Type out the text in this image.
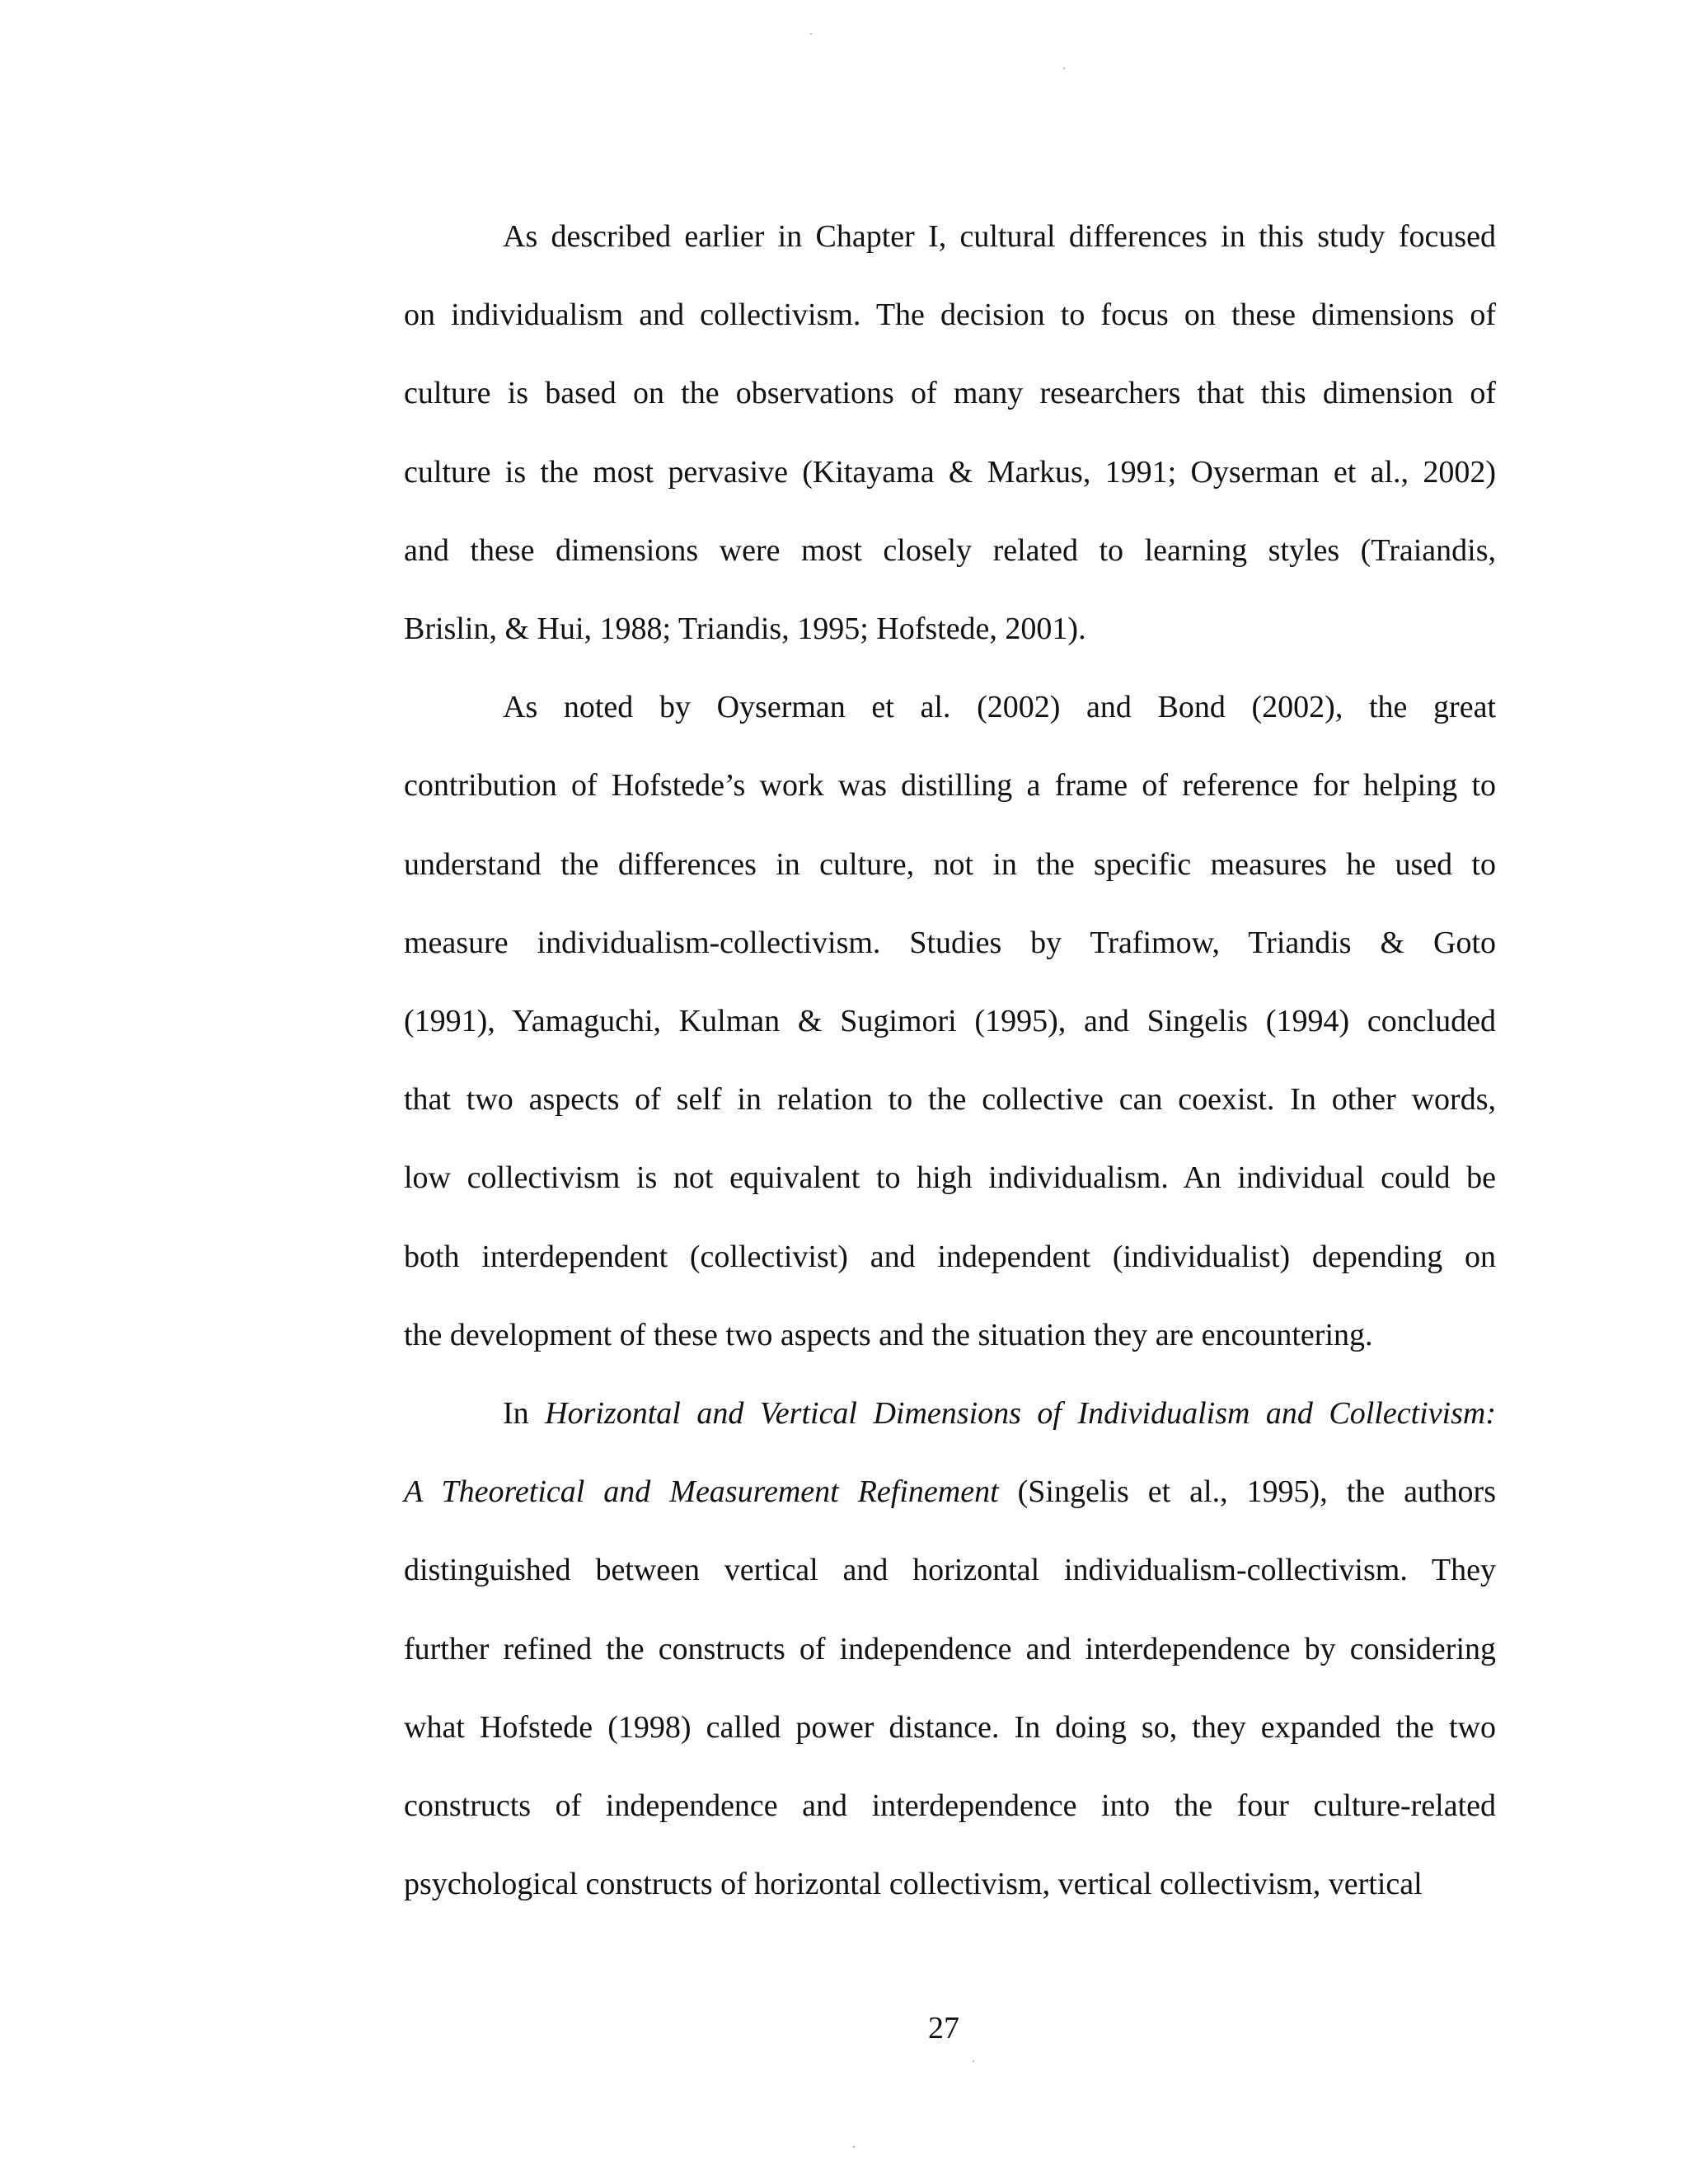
As described earlier in Chapter I, cultural differences in this study focused
on individualism and collectivism. The decision to focus on these dimensions of
culture is based on the observations of many researchers that this dimension of
culture is the most pervasive (Kitayama & Markus, 1991; Oyserman et al., 2002)
and these dimensions were most closely related to learning styles (Traiandis,
Brislin, & Hui, 1988; Triandis, 1995; Hofstede, 2001).
As noted by Oyserman et al. (2002) and Bond (2002), the great
contribution of Hofstede’s work was distilling a frame of reference for helping to
understand the differences in culture, not in the specific measures he used to
measure individualism-collectivism. Studies by Trafimow, Triandis & Goto
(1991), Yamaguchi, Kulman & Sugimori (1995), and Singelis (1994) concluded
that two aspects of self in relation to the collective can coexist. In other words,
low collectivism is not equivalent to high individualism. An individual could be
both interdependent (collectivist) and independent (individualist) depending on
the development of these two aspects and the situation they are encountering.
In Horizontal and Vertical Dimensions of Individualism and Collectivism:
A Theoretical and Measurement Refinement (Singelis et al., 1995), the authors
distinguished between vertical and horizontal individualism-collectivism. They
further refined the constructs of independence and interdependence by considering
what Hofstede (1998) called power distance. In doing so, they expanded the two
constructs of independence and interdependence into the four culture-related
psychological constructs of horizontal collectivism, vertical collectivism, vertical
27
